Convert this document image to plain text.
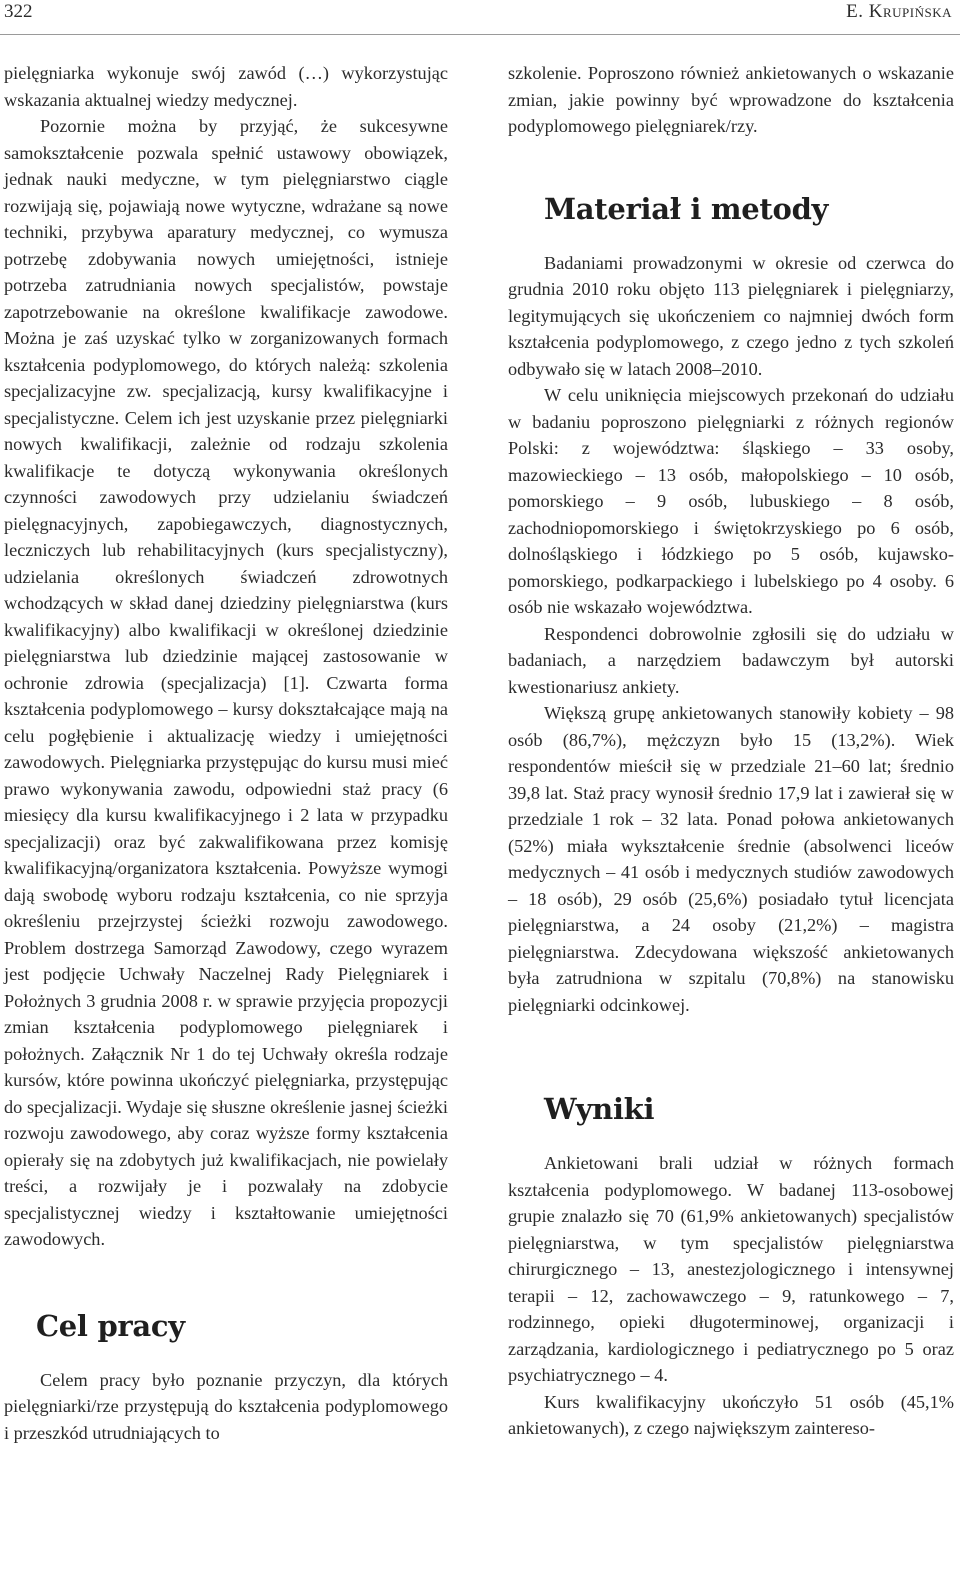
322	E. Krupińska

pielęgniarka wykonuje swój zawód (…) wykorzystując wskazania aktualnej wiedzy medycznej.

Pozornie można by przyjąć, że sukcesywne samokształcenie pozwala spełnić ustawowy obowiązek, jednak nauki medyczne, w tym pielęgniarstwo ciągle rozwijają się, pojawiają nowe wytyczne, wdrażane są nowe techniki, przybywa aparatury medycznej, co wymusza potrzebę zdobywania nowych umiejętności, istnieje potrzeba zatrudniania nowych specjalistów, powstaje zapotrzebowanie na określone kwalifikacje zawodowe. Można je zaś uzyskać tylko w zorganizowanych formach kształcenia podyplomowego, do których należą: szkolenia specjalizacyjne zw. specjalizacją, kursy kwalifikacyjne i specjalistyczne. Celem ich jest uzyskanie przez pielęgniarki nowych kwalifikacji, zależnie od rodzaju szkolenia kwalifikacje te dotyczą wykonywania określonych czynności zawodowych przy udzielaniu świadczeń pielęgnacyjnych, zapobiegawczych, diagnostycznych, leczniczych lub rehabilitacyjnych (kurs specjalistyczny), udzielania określonych świadczeń zdrowotnych wchodzących w skład danej dziedziny pielęgniarstwa (kurs kwalifikacyjny) albo kwalifikacji w określonej dziedzinie pielęgniarstwa lub dziedzinie mającej zastosowanie w ochronie zdrowia (specjalizacja) [1]. Czwarta forma kształcenia podyplomowego – kursy dokształcające mają na celu pogłębienie i aktualizację wiedzy i umiejętności zawodowych. Pielęgniarka przystępując do kursu musi mieć prawo wykonywania zawodu, odpowiedni staż pracy (6 miesięcy dla kursu kwalifikacyjnego i 2 lata w przypadku specjalizacji) oraz być zakwalifikowana przez komisję kwalifikacyjną/organizatora kształcenia. Powyższe wymogi dają swobodę wyboru rodzaju kształcenia, co nie sprzyja określeniu przejrzystej ścieżki rozwoju zawodowego. Problem dostrzega Samorząd Zawodowy, czego wyrazem jest podjęcie Uchwały Naczelnej Rady Pielęgniarek i Położnych 3 grudnia 2008 r. w sprawie przyjęcia propozycji zmian kształcenia podyplomowego pielęgniarek i położnych. Załącznik Nr 1 do tej Uchwały określa rodzaje kursów, które powinna ukończyć pielęgniarka, przystępując do specjalizacji. Wydaje się słuszne określenie jasnej ścieżki rozwoju zawodowego, aby coraz wyższe formy kształcenia opierały się na zdobytych już kwalifikacjach, nie powielały treści, a rozwijały je i pozwalały na zdobycie specjalistycznej wiedzy i kształtowanie umiejętności zawodowych.

Cel pracy

Celem pracy było poznanie przyczyn, dla których pielęgniarki/rze przystępują do kształcenia podyplomowego i przeszkód utrudniających to

szkolenie. Poproszono również ankietowanych o wskazanie zmian, jakie powinny być wprowadzone do kształcenia podyplomowego pielęgniarek/rzy.

Materiał i metody

Badaniami prowadzonymi w okresie od czerwca do grudnia 2010 roku objęto 113 pielęgniarek i pielęgniarzy, legitymujących się ukończeniem co najmniej dwóch form kształcenia podyplomowego, z czego jedno z tych szkoleń odbywało się w latach 2008–2010.

W celu uniknięcia miejscowych przekonań do udziału w badaniu poproszono pielęgniarki z różnych regionów Polski: z województwa: śląskiego – 33 osoby, mazowieckiego – 13 osób, małopolskiego – 10 osób, pomorskiego – 9 osób, lubuskiego – 8 osób, zachodniopomorskiego i świętokrzyskiego po 6 osób, dolnośląskiego i łódzkiego po 5 osób, kujawsko-pomorskiego, podkarpackiego i lubelskiego po 4 osoby. 6 osób nie wskazało województwa.

Respondenci dobrowolnie zgłosili się do udziału w badaniach, a narzędziem badawczym był autorski kwestionariusz ankiety.

Większą grupę ankietowanych stanowiły kobiety – 98 osób (86,7%), mężczyzn było 15 (13,2%). Wiek respondentów mieścił się w przedziale 21–60 lat; średnio 39,8 lat. Staż pracy wynosił średnio 17,9 lat i zawierał się w przedziale 1 rok – 32 lata. Ponad połowa ankietowanych (52%) miała wykształcenie średnie (absolwenci liceów medycznych – 41 osób i medycznych studiów zawodowych – 18 osób), 29 osób (25,6%) posiadało tytuł licencjata pielęgniarstwa, a 24 osoby (21,2%) – magistra pielęgniarstwa. Zdecydowana większość ankietowanych była zatrudniona w szpitalu (70,8%) na stanowisku pielęgniarki odcinkowej.

Wyniki

Ankietowani brali udział w różnych formach kształcenia podyplomowego. W badanej 113-osobowej grupie znalazło się 70 (61,9% ankietowanych) specjalistów pielęgniarstwa, w tym specjalistów pielęgniarstwa chirurgicznego – 13, anestezjologicznego i intensywnej terapii – 12, zachowawczego – 9, ratunkowego – 7, rodzinnego, opieki długoterminowej, organizacji i zarządzania, kardiologicznego i pediatrycznego po 5 oraz psychiatrycznego – 4.

Kurs kwalifikacyjny ukończyło 51 osób (45,1% ankietowanych), z czego największym zaintereso-
